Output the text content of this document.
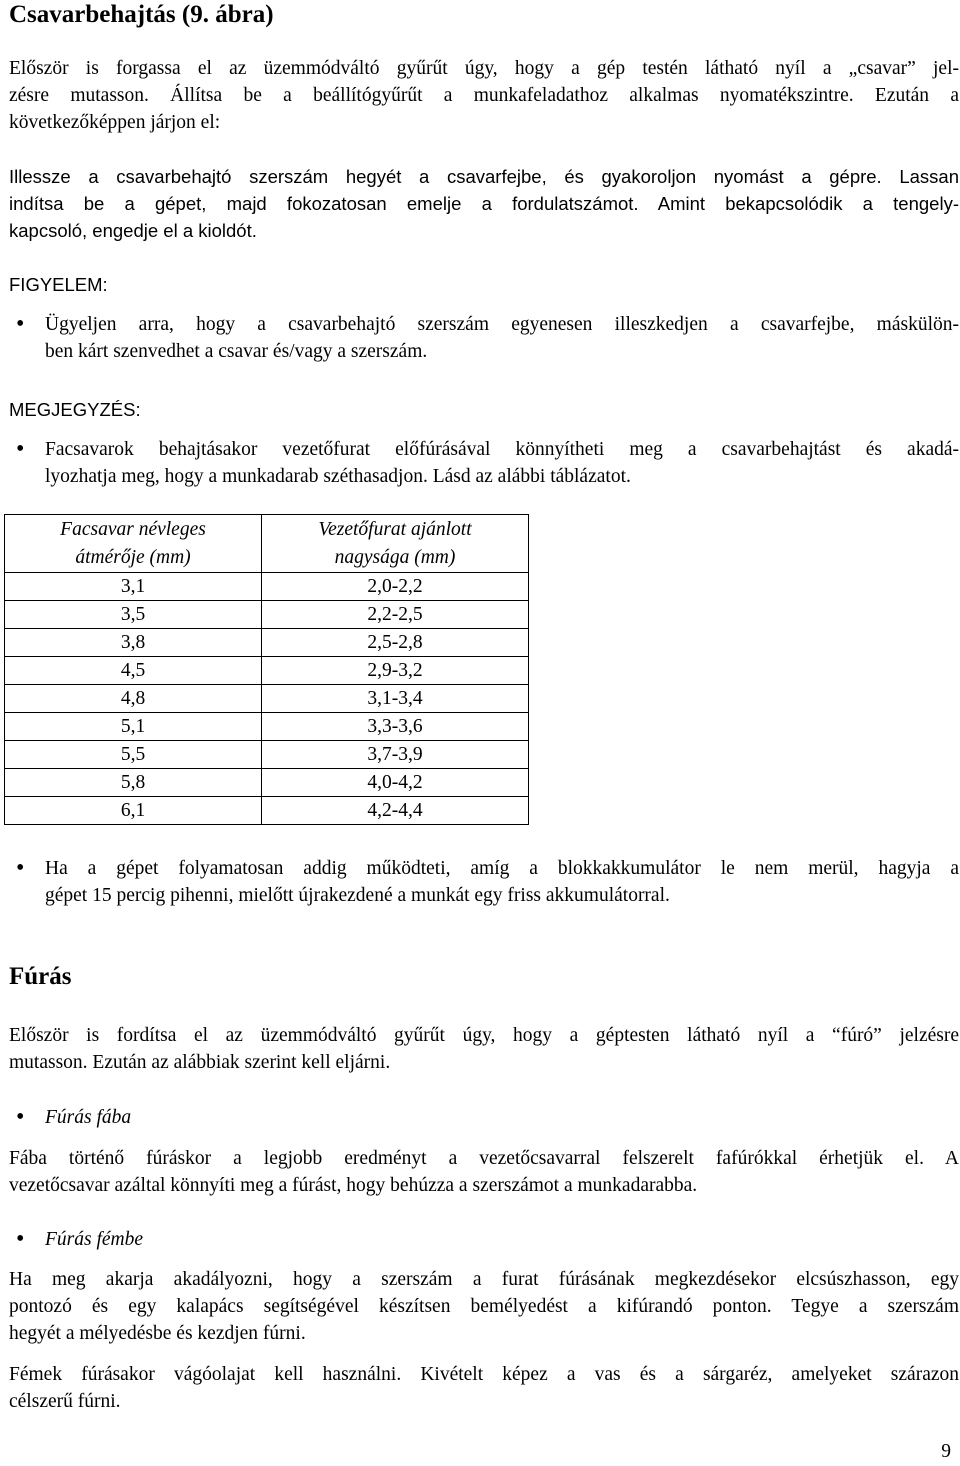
Csavarbehajtás (9. ábra)
Először is forgassa el az üzemmódváltó gyűrűt úgy, hogy a gép testén látható nyíl a „csavar” jel-
zésre mutasson. Állítsa be a beállítógyűrűt a munkafeladathoz alkalmas nyomatékszintre. Ezután a
következőképpen járjon el:
Illessze a csavarbehajtó szerszám hegyét a csavarfejbe, és gyakoroljon nyomást a gépre. Lassan
indítsa be a gépet, majd fokozatosan emelje a fordulatszámot. Amint bekapcsolódik a tengely-
kapcsoló, engedje el a kioldót.
FIGYELEM:
• Ügyeljen arra, hogy a csavarbehajtó szerszám egyenesen illeszkedjen a csavarfejbe, máskülön-
ben kárt szenvedhet a csavar és/vagy a szerszám.
MEGJEGYZÉS:
• Facsavarok behajtásakor vezetőfurat előfúrásával könnyítheti meg a csavarbehajtást és akadá-
lyozhatja meg, hogy a munkadarab széthasadjon. Lásd az alábbi táblázatot.
Facsavar névleges
átmérője (mm)	Vezetőfurat ajánlott
nagysága (mm)
3,1	2,0-2,2
3,5	2,2-2,5
3,8	2,5-2,8
4,5	2,9-3,2
4,8	3,1-3,4
5,1	3,3-3,6
5,5	3,7-3,9
5,8	4,0-4,2
6,1	4,2-4,4
• Ha a gépet folyamatosan addig működteti, amíg a blokkakkumulátor le nem merül, hagyja a
gépet 15 percig pihenni, mielőtt újrakezdené a munkát egy friss akkumulátorral.
Fúrás
Először is fordítsa el az üzemmódváltó gyűrűt úgy, hogy a géptesten látható nyíl a “fúró” jelzésre
mutasson. Ezután az alábbiak szerint kell eljárni.
• Fúrás fába
Fába történő fúráskor a legjobb eredményt a vezetőcsavarral felszerelt fafúrókkal érhetjük el. A
vezetőcsavar azáltal könnyíti meg a fúrást, hogy behúzza a szerszámot a munkadarabba.
• Fúrás fémbe
Ha meg akarja akadályozni, hogy a szerszám a furat fúrásának megkezdésekor elcsúszhasson, egy
pontozó és egy kalapács segítségével készítsen bemélyedést a kifúrandó ponton. Tegye a szerszám
hegyét a mélyedésbe és kezdjen fúrni.
Fémek fúrásakor vágóolajat kell használni. Kivételt képez a vas és a sárgaréz, amelyeket szárazon
célszerű fúrni.
9
